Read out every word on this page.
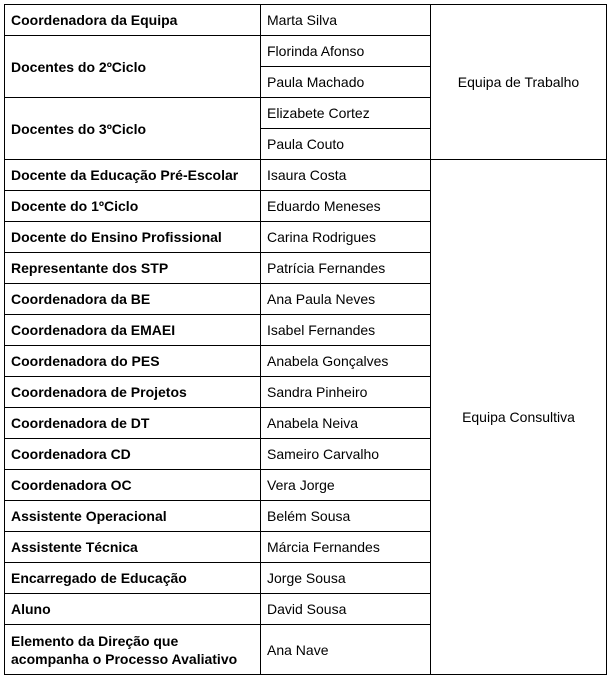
Coordenadora da Equipa	Marta Silva	Equipa de Trabalho
Docentes do 2ºCiclo	Florinda Afonso	
	Paula Machado	
Docentes do 3ºCiclo	Elizabete Cortez	
	Paula Couto	
Docente da Educação Pré-Escolar	Isaura Costa	Equipa Consultiva
Docente do 1ºCiclo	Eduardo Meneses	
Docente do Ensino Profissional	Carina Rodrigues	
Representante dos STP	Patrícia Fernandes	
Coordenadora da BE	Ana Paula Neves	
Coordenadora da EMAEI	Isabel Fernandes	
Coordenadora do PES	Anabela Gonçalves	
Coordenadora de Projetos	Sandra Pinheiro	
Coordenadora de DT	Anabela Neiva	
Coordenadora CD	Sameiro Carvalho	
Coordenadora OC	Vera Jorge	
Assistente Operacional	Belém Sousa	
Assistente Técnica	Márcia Fernandes	
Encarregado de Educação	Jorge Sousa	
Aluno	David Sousa	
Elemento da Direção que acompanha o Processo Avaliativo	Ana Nave	
